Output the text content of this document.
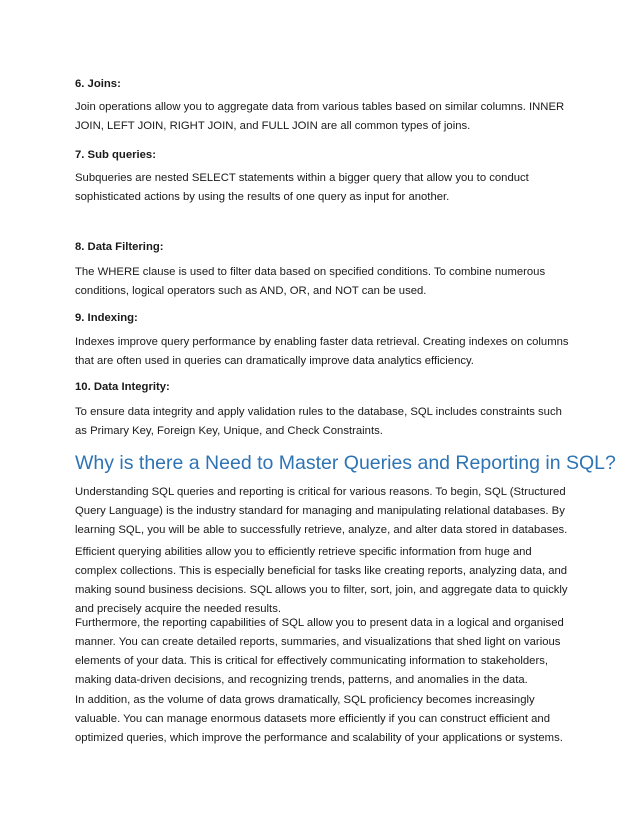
6. Joins:

Join operations allow you to aggregate data from various tables based on similar columns. INNER JOIN, LEFT JOIN, RIGHT JOIN, and FULL JOIN are all common types of joins.

7. Sub queries:

Subqueries are nested SELECT statements within a bigger query that allow you to conduct sophisticated actions by using the results of one query as input for another.

8. Data Filtering:

The WHERE clause is used to filter data based on specified conditions. To combine numerous conditions, logical operators such as AND, OR, and NOT can be used.

9. Indexing:

Indexes improve query performance by enabling faster data retrieval. Creating indexes on columns that are often used in queries can dramatically improve data analytics efficiency.

10. Data Integrity:

To ensure data integrity and apply validation rules to the database, SQL includes constraints such as Primary Key, Foreign Key, Unique, and Check Constraints.

Why is there a Need to Master Queries and Reporting in SQL?

Understanding SQL queries and reporting is critical for various reasons. To begin, SQL (Structured Query Language) is the industry standard for managing and manipulating relational databases. By learning SQL, you will be able to successfully retrieve, analyze, and alter data stored in databases.

Efficient querying abilities allow you to efficiently retrieve specific information from huge and complex collections. This is especially beneficial for tasks like creating reports, analyzing data, and making sound business decisions. SQL allows you to filter, sort, join, and aggregate data to quickly and precisely acquire the needed results.

Furthermore, the reporting capabilities of SQL allow you to present data in a logical and organised manner. You can create detailed reports, summaries, and visualizations that shed light on various elements of your data. This is critical for effectively communicating information to stakeholders, making data-driven decisions, and recognizing trends, patterns, and anomalies in the data.

In addition, as the volume of data grows dramatically, SQL proficiency becomes increasingly valuable. You can manage enormous datasets more efficiently if you can construct efficient and optimized queries, which improve the performance and scalability of your applications or systems.
